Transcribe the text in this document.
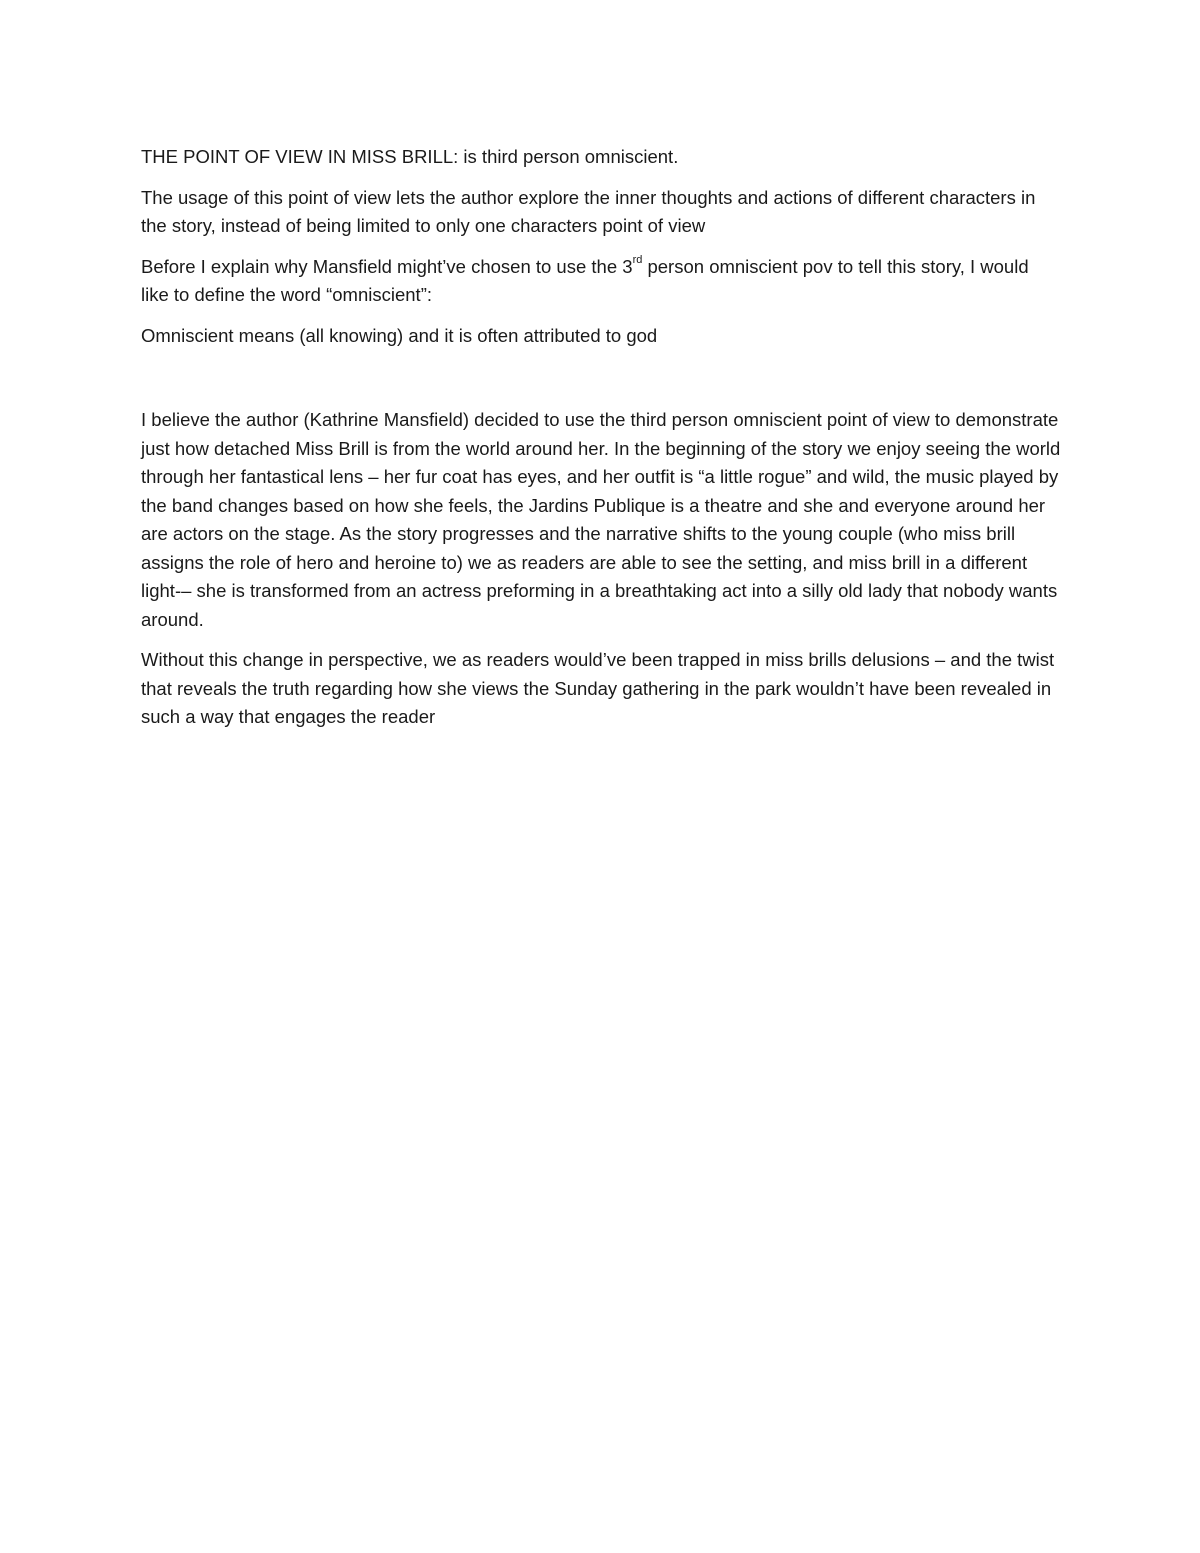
THE POINT OF VIEW IN MISS BRILL: is third person omniscient.

The usage of this point of view lets the author explore the inner thoughts and actions of different characters in the story, instead of being limited to only one characters point of view

Before I explain why Mansfield might’ve chosen to use the 3rd person omniscient pov to tell this story, I would like to define the word “omniscient”:

Omniscient means (all knowing) and it is often attributed to god

I believe the author (Kathrine Mansfield) decided to use the third person omniscient point of view to demonstrate just how detached Miss Brill is from the world around her. In the beginning of the story we enjoy seeing the world through her fantastical lens – her fur coat has eyes, and her outfit is “a little rogue” and wild, the music played by the band changes based on how she feels, the Jardins Publique is a theatre and she and everyone around her are actors on the stage. As the story progresses and the narrative shifts to the young couple (who miss brill assigns the role of hero and heroine to) we as readers are able to see the setting, and miss brill in a different light-– she is transformed from an actress preforming in a breathtaking act into a silly old lady that nobody wants around.

Without this change in perspective, we as readers would’ve been trapped in miss brills delusions – and the twist that reveals the truth regarding how she views the Sunday gathering in the park wouldn’t have been revealed in such a way that engages the reader
